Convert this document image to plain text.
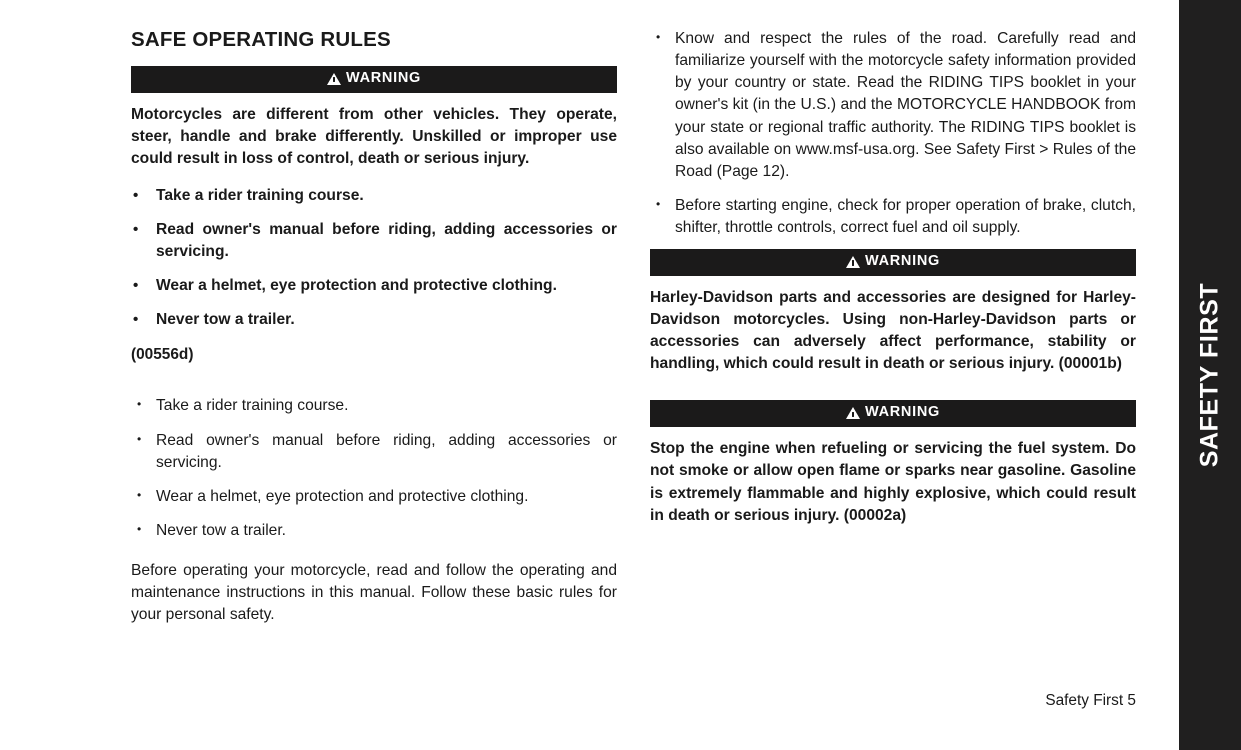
SAFE OPERATING RULES
WARNING

Motorcycles are different from other vehicles. They operate, steer, handle and brake differently. Unskilled or improper use could result in loss of control, death or serious injury.

• Take a rider training course.
• Read owner's manual before riding, adding accessories or servicing.
• Wear a helmet, eye protection and protective clothing.
• Never tow a trailer.

(00556d)

• Take a rider training course.
• Read owner's manual before riding, adding accessories or servicing.
• Wear a helmet, eye protection and protective clothing.
• Never tow a trailer.

Before operating your motorcycle, read and follow the operating and maintenance instructions in this manual. Follow these basic rules for your personal safety.

• Know and respect the rules of the road. Carefully read and familiarize yourself with the motorcycle safety information provided by your country or state. Read the RIDING TIPS booklet in your owner's kit (in the U.S.) and the MOTORCYCLE HANDBOOK from your state or regional traffic authority. The RIDING TIPS booklet is also available on www.msf-usa.org. See Safety First > Rules of the Road (Page 12).
• Before starting engine, check for proper operation of brake, clutch, shifter, throttle controls, correct fuel and oil supply.
WARNING

Harley-Davidson parts and accessories are designed for Harley-Davidson motorcycles. Using non-Harley-Davidson parts or accessories can adversely affect performance, stability or handling, which could result in death or serious injury. (00001b)

WARNING

Stop the engine when refueling or servicing the fuel system. Do not smoke or allow open flame or sparks near gasoline. Gasoline is extremely flammable and highly explosive, which could result in death or serious injury. (00002a)

Safety First 5
SAFETY FIRST
